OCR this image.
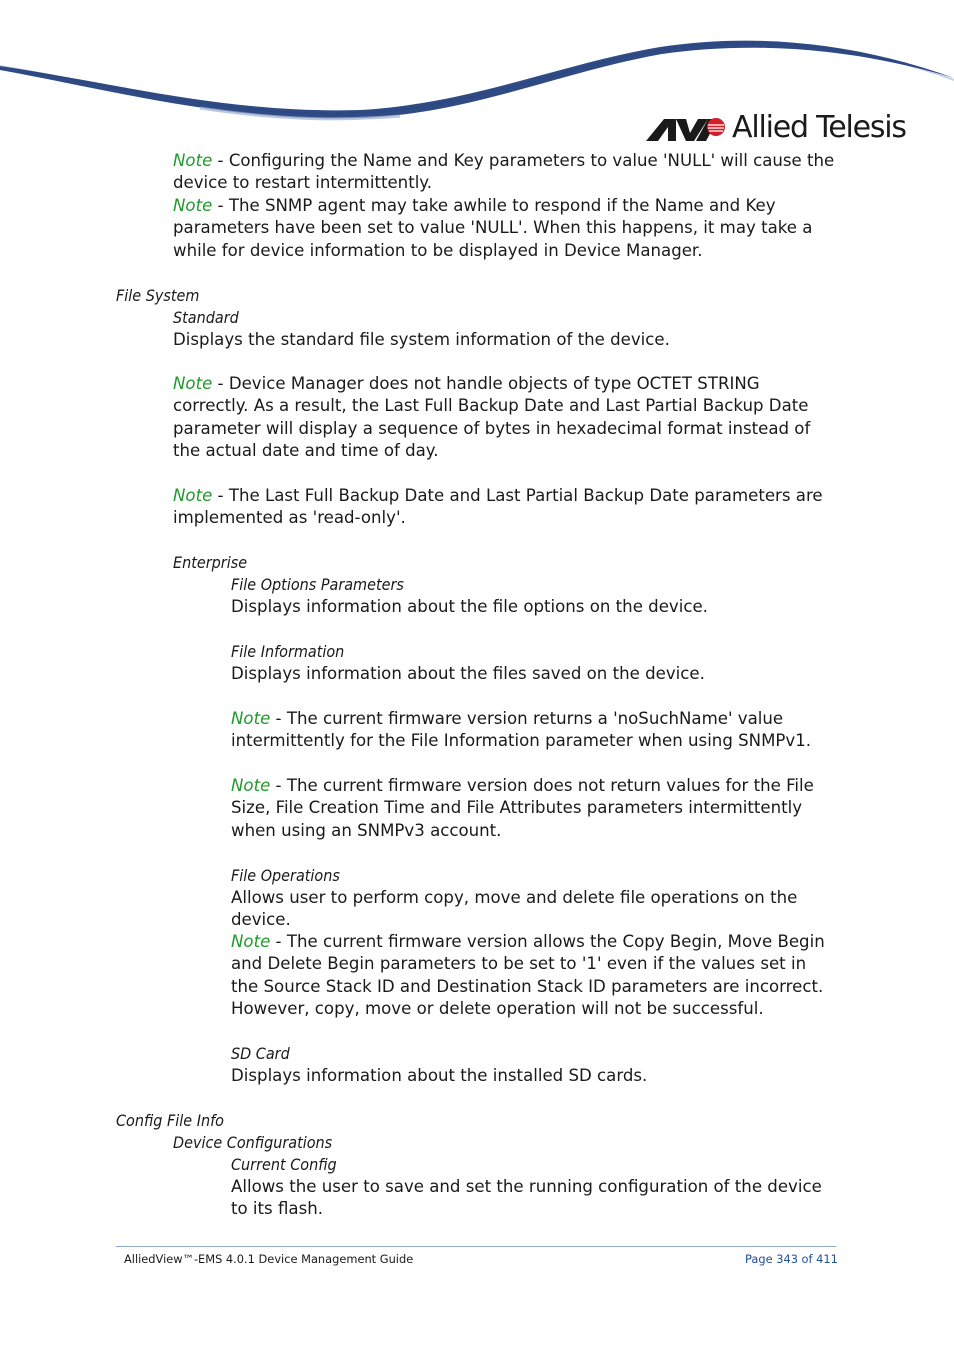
Allied Telesis

Note - Configuring the Name and Key parameters to value 'NULL' will cause the device to restart intermittently.

Note - The SNMP agent may take awhile to respond if the Name and Key parameters have been set to value 'NULL'. When this happens, it may take a while for device information to be displayed in Device Manager.

File System

Standard

Displays the standard file system information of the device.

Note - Device Manager does not handle objects of type OCTET STRING correctly. As a result, the Last Full Backup Date and Last Partial Backup Date parameter will display a sequence of bytes in hexadecimal format instead of the actual date and time of day.

Note - The Last Full Backup Date and Last Partial Backup Date parameters are implemented as 'read-only'.

Enterprise

File Options Parameters

Displays information about the file options on the device.

File Information

Displays information about the files saved on the device.

Note - The current firmware version returns a 'noSuchName' value intermittently for the File Information parameter when using SNMPv1.

Note - The current firmware version does not return values for the File Size, File Creation Time and File Attributes parameters intermittently when using an SNMPv3 account.

File Operations

Allows user to perform copy, move and delete file operations on the device.

Note - The current firmware version allows the Copy Begin, Move Begin and Delete Begin parameters to be set to '1' even if the values set in the Source Stack ID and Destination Stack ID parameters are incorrect. However, copy, move or delete operation will not be successful.

SD Card

Displays information about the installed SD cards.

Config File Info

Device Configurations

Current Config

Allows the user to save and set the running configuration of the device to its flash.

AlliedView™-EMS 4.0.1 Device Management Guide	Page 343 of 411
